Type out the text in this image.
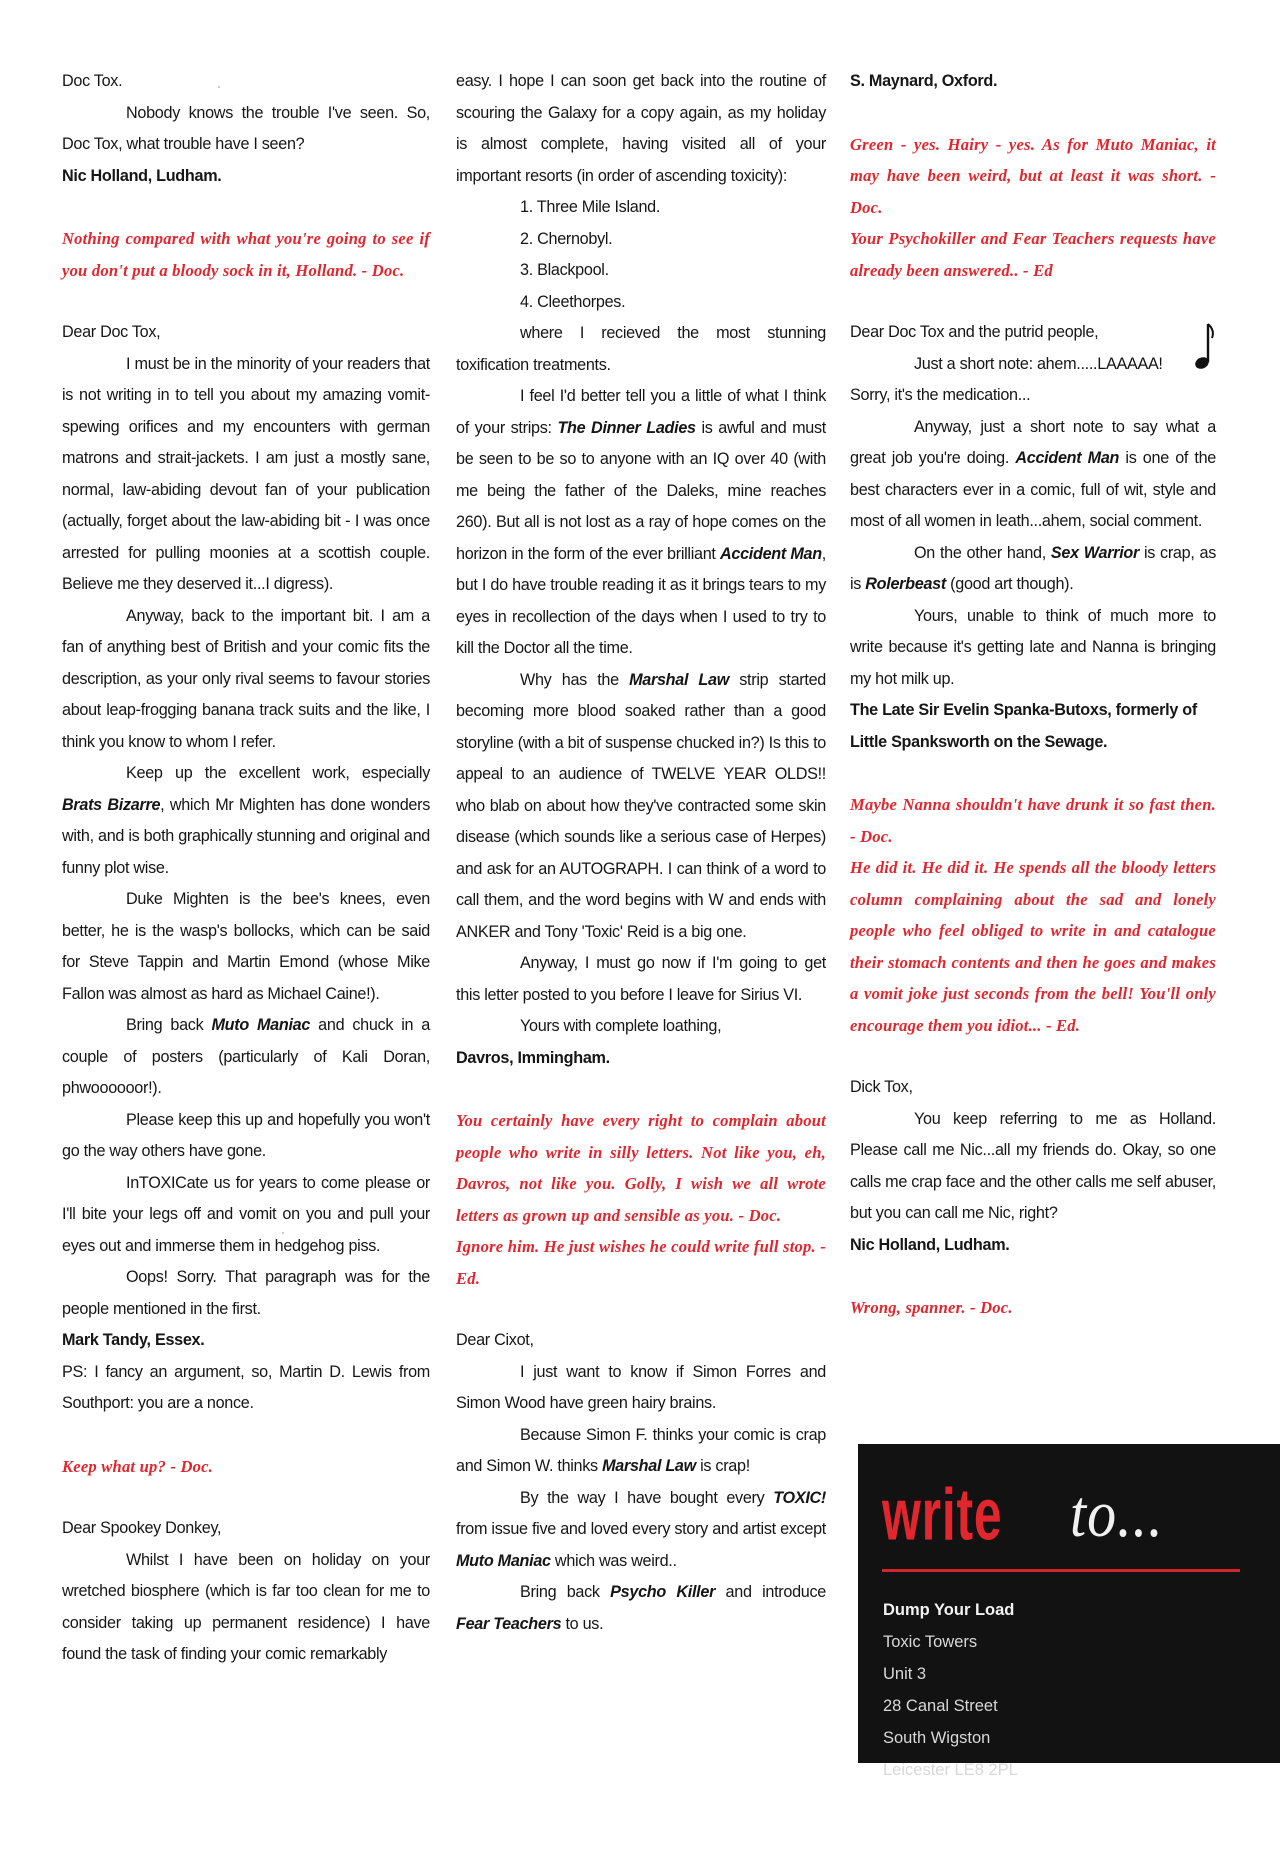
Doc Tox.

Nobody knows the trouble I've seen. So, Doc Tox, what trouble have I seen?

Nic Holland, Ludham.

Nothing compared with what you're going to see if you don't put a bloody sock in it, Holland. - Doc.

Dear Doc Tox,

I must be in the minority of your readers that is not writing in to tell you about my amazing vomit-spewing orifices and my encounters with german matrons and strait-jackets. I am just a mostly sane, normal, law-abiding devout fan of your publication (actually, forget about the law-abiding bit - I was once arrested for pulling moonies at a scottish couple. Believe me they deserved it...I digress).

Anyway, back to the important bit. I am a fan of anything best of British and your comic fits the description, as your only rival seems to favour stories about leap-frogging banana track suits and the like, I think you know to whom I refer.

Keep up the excellent work, especially Brats Bizarre, which Mr Mighten has done wonders with, and is both graphically stunning and original and funny plot wise.

Duke Mighten is the bee's knees, even better, he is the wasp's bollocks, which can be said for Steve Tappin and Martin Emond (whose Mike Fallon was almost as hard as Michael Caine!).

Bring back Muto Maniac and chuck in a couple of posters (particularly of Kali Doran, phwoooooor!).

Please keep this up and hopefully you won't go the way others have gone.

InTOXICate us for years to come please or I'll bite your legs off and vomit on you and pull your eyes out and immerse them in hedgehog piss.

Oops! Sorry. That paragraph was for the people mentioned in the first.

Mark Tandy, Essex.

PS: I fancy an argument, so, Martin D. Lewis from Southport: you are a nonce.

Keep what up? - Doc.

Dear Spookey Donkey,

Whilst I have been on holiday on your wretched biosphere (which is far too clean for me to consider taking up permanent residence) I have found the task of finding your comic remarkably

easy. I hope I can soon get back into the routine of scouring the Galaxy for a copy again, as my holiday is almost complete, having visited all of your important resorts (in order of ascending toxicity):

1. Three Mile Island.

2. Chernobyl.

3. Blackpool.

4. Cleethorpes.

where I recieved the most stunning toxification treatments.

I feel I'd better tell you a little of what I think of your strips: The Dinner Ladies is awful and must be seen to be so to anyone with an IQ over 40 (with me being the father of the Daleks, mine reaches 260). But all is not lost as a ray of hope comes on the horizon in the form of the ever brilliant Accident Man, but I do have trouble reading it as it brings tears to my eyes in recollection of the days when I used to try to kill the Doctor all the time.

Why has the Marshal Law strip started becoming more blood soaked rather than a good storyline (with a bit of suspense chucked in?) Is this to appeal to an audience of TWELVE YEAR OLDS!! who blab on about how they've contracted some skin disease (which sounds like a serious case of Herpes) and ask for an AUTOGRAPH. I can think of a word to call them, and the word begins with W and ends with ANKER and Tony 'Toxic' Reid is a big one.

Anyway, I must go now if I'm going to get this letter posted to you before I leave for Sirius VI.

Yours with complete loathing,

Davros, Immingham.

You certainly have every right to complain about people who write in silly letters. Not like you, eh, Davros, not like you. Golly, I wish we all wrote letters as grown up and sensible as you. - Doc.

Ignore him. He just wishes he could write full stop. - Ed.

Dear Cixot,

I just want to know if Simon Forres and Simon Wood have green hairy brains.

Because Simon F. thinks your comic is crap and Simon W. thinks Marshal Law is crap!

By the way I have bought every TOXIC! from issue five and loved every story and artist except Muto Maniac which was weird..

Bring back Psycho Killer and introduce Fear Teachers to us.

S. Maynard, Oxford.

Green - yes. Hairy - yes. As for Muto Maniac, it may have been weird, but at least it was short. - Doc.

Your Psychokiller and Fear Teachers requests have already been answered.. - Ed

Dear Doc Tox and the putrid people,

Just a short note: ahem.....LAAAAA!

Sorry, it's the medication...

Anyway, just a short note to say what a great job you're doing. Accident Man is one of the best characters ever in a comic, full of wit, style and most of all women in leath...ahem, social comment.

On the other hand, Sex Warrior is crap, as is Rolerbeast (good art though).

Yours, unable to think of much more to write because it's getting late and Nanna is bringing my hot milk up.

The Late Sir Evelin Spanka-Butoxs, formerly of Little Spanksworth on the Sewage.

Maybe Nanna shouldn't have drunk it so fast then. - Doc.

He did it. He did it. He spends all the bloody letters column complaining about the sad and lonely people who feel obliged to write in and catalogue their stomach contents and then he goes and makes a vomit joke just seconds from the bell! You'll only encourage them you idiot... - Ed.

Dick Tox,

You keep referring to me as Holland. Please call me Nic...all my friends do. Okay, so one calls me crap face and the other calls me self abuser, but you can call me Nic, right?

Nic Holland, Ludham.

Wrong, spanner. - Doc.

write to...
Dump Your Load
Toxic Towers
Unit 3
28 Canal Street
South Wigston
Leicester LE8 2PL
